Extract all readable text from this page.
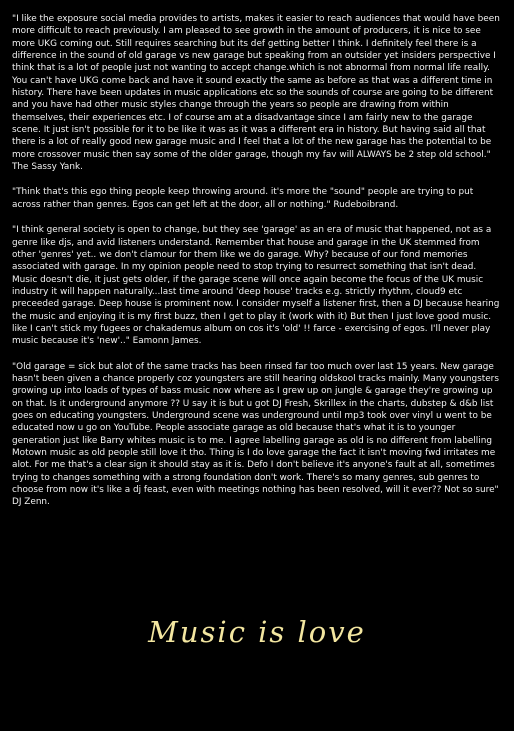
"I like the exposure social media provides to artists, makes it easier to reach audiences that would have been more difficult to reach previously. I am pleased to see growth in the amount of producers, it is nice to see more UKG coming out. Still requires searching but its def getting better I think. I definitely feel there is a difference in the sound of old garage vs new garage but speaking from an outsider yet insiders perspective I think that is a lot of people just not wanting to accept change.which is not abnormal from normal life really. You can't have UKG come back and have it sound exactly the same as before as that was a different time in history. There have been updates in music applications etc so the sounds of course are going to be different and you have had other music styles change through the years so people are drawing from within themselves, their experiences etc. I of course am at a disadvantage since I am fairly new to the garage scene. It just isn't possible for it to be like it was as it was a different era in history. But having said all that there is a lot of really good new garage music and I feel that a lot of the new garage has the potential to be more crossover music then say some of the older garage, though my fav will ALWAYS be 2 step old school." The Sassy Yank.

"Think that's this ego thing people keep throwing around. it's more the "sound" people are trying to put across rather than genres. Egos can get left at the door, all or nothing." Rudeboibrand.

"I think general society is open to change, but they see 'garage' as an era of music that happened, not as a genre like djs, and avid listeners understand. Remember that house and garage in the UK stemmed from other 'genres' yet.. we don't clamour for them like we do garage. Why? because of our fond memories associated with garage. In my opinion people need to stop trying to resurrect something that isn't dead. Music doesn't die, it just gets older, if the garage scene will once again become the focus of the UK music industry it will happen naturally...last time around 'deep house' tracks e.g. strictly rhythm, cloud9 etc preceeded garage. Deep house is prominent now. I consider myself a listener first, then a DJ because hearing the music and enjoying it is my first buzz, then I get to play it (work with it) But then I just love good music. like I can't stick my fugees or chakademus album on cos it's 'old' !! farce - exercising of egos. I'll never play music because it's 'new'.." Eamonn James.

"Old garage = sick but alot of the same tracks has been rinsed far too much over last 15 years. New garage hasn't been given a chance properly coz youngsters are still hearing oldskool tracks mainly. Many youngsters growing up into loads of types of bass music now where as I grew up on jungle & garage they're growing up on that. Is it underground anymore ?? U say it is but u got DJ Fresh, Skrillex in the charts, dubstep & d&b list goes on educating youngsters. Underground scene was underground until mp3 took over vinyl u went to be educated now u go on YouTube. People associate garage as old because that's what it is to younger generation just like Barry whites music is to me. I agree labelling garage as old is no different from labelling Motown music as old people still love it tho. Thing is I do love garage the fact it isn't moving fwd irritates me alot. For me that's a clear sign it should stay as it is. Defo I don't believe it's anyone's fault at all, sometimes trying to changes something with a strong foundation don't work. There's so many genres, sub genres to choose from now it's like a dj feast, even with meetings nothing has been resolved, will it ever?? Not so sure" DJ Zenn.

Music is love
